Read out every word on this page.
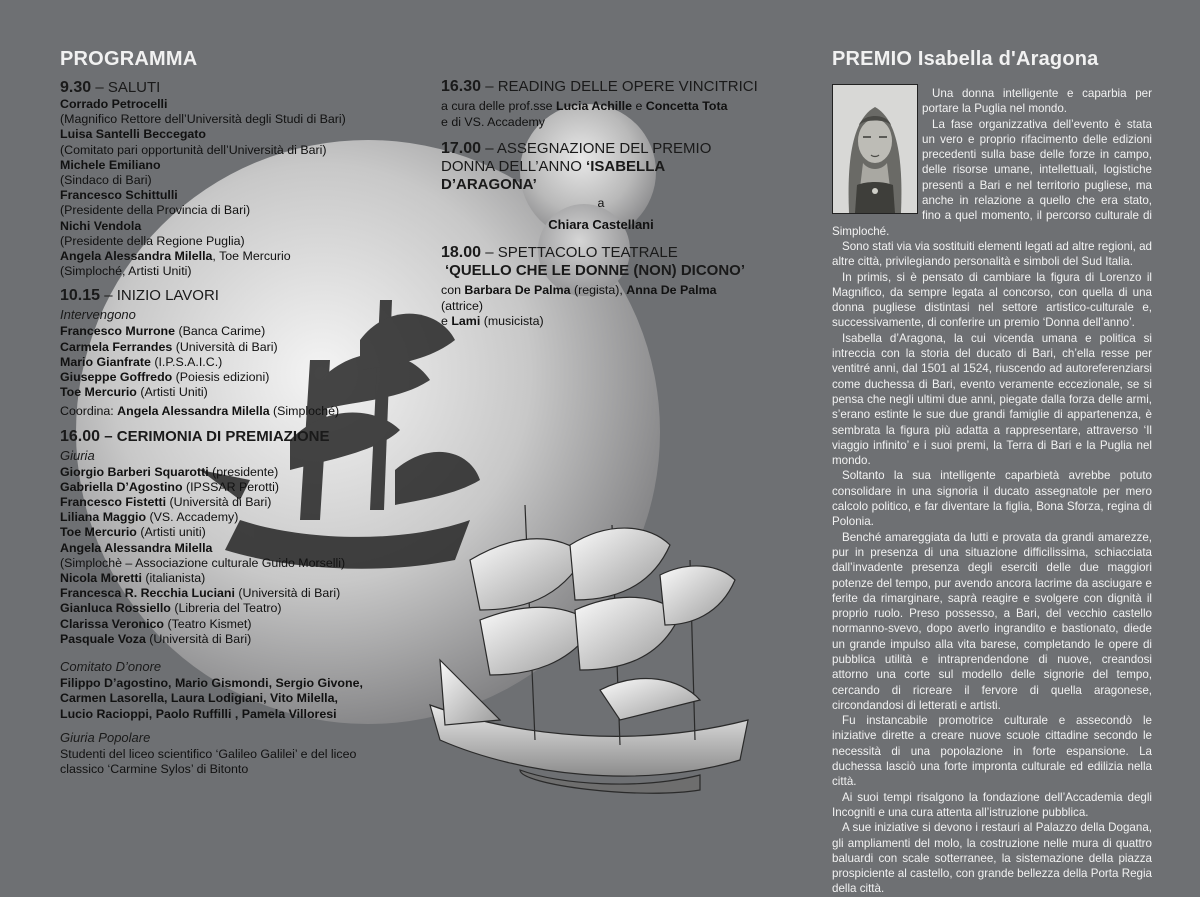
PROGRAMMA
9.30 – SALUTI
Corrado Petrocelli
(Magnifico Rettore dell’Università degli Studi di Bari)
Luisa Santelli Beccegato
(Comitato pari opportunità dell’Università di Bari)
Michele Emiliano
(Sindaco di Bari)
Francesco Schittulli
(Presidente della Provincia di Bari)
Nichi Vendola
(Presidente della Regione Puglia)
Angela Alessandra Milella, Toe Mercurio
(Simploché, Artisti Uniti)
10.15 – INIZIO LAVORI
Intervengono
Francesco Murrone (Banca Carime)
Carmela Ferrandes (Università di Bari)
Mario Gianfrate (I.P.S.A.I.C.)
Giuseppe Goffredo (Poiesis edizioni)
Toe Mercurio (Artisti Uniti)
Coordina: Angela Alessandra Milella (Simploché)
16.00 – CERIMONIA DI PREMIAZIONE
Giuria
Giorgio Barberi Squarotti (presidente)
Gabriella D’Agostino (IPSSAR Perotti)
Francesco Fistetti (Università di Bari)
Liliana Maggio (VS. Accademy)
Toe Mercurio (Artisti uniti)
Angela Alessandra Milella
(Simplochè – Associazione culturale Guido Morselli)
Nicola Moretti (italianista)
Francesca R. Recchia Luciani (Università di Bari)
Gianluca Rossiello (Libreria del Teatro)
Clarissa Veronico (Teatro Kismet)
Pasquale Voza (Università di Bari)
Comitato D’onore
Filippo D’agostino, Mario Gismondi, Sergio Givone,
Carmen Lasorella, Laura Lodigiani, Vito Milella,
Lucio Racioppi, Paolo Ruffilli , Pamela Villoresi
Giuria Popolare
Studenti del liceo scientifico ‘Galileo Galilei’ e del liceo
classico ‘Carmine Sylos’ di Bitonto
16.30 – READING DELLE OPERE VINCITRICI
a cura delle prof.sse Lucia Achille e Concetta Tota
e di VS. Accademy
17.00 – ASSEGNAZIONE DEL PREMIO
DONNA DELL’ANNO ‘ISABELLA D’ARAGONA’
a
Chiara Castellani
18.00 – SPETTACOLO TEATRALE
‘QUELLO CHE LE DONNE (NON) DICONO’
con Barbara De Palma (regista), Anna De Palma (attrice)
e Lami (musicista)
PREMIO Isabella d'Aragona

Una donna intelligente e caparbia per portare la Puglia nel mondo.

La fase organizzativa dell’evento è stata un vero e proprio rifacimento delle edizioni precedenti sulla base delle forze in campo, delle risorse umane, intellettuali, logistiche presenti a Bari e nel territorio pugliese, ma anche in relazione a quello che era stato, fino a quel momento, il percorso culturale di Simploché.

Sono stati via via sostituiti elementi legati ad altre regioni, ad altre città, privilegiando personalità e simboli del Sud Italia.

In primis, si è pensato di cambiare la figura di Lorenzo il Magnifico, da sempre legata al concorso, con quella di una donna pugliese distintasi nel settore artistico-culturale e, successivamente, di conferire un premio ‘Donna dell’anno’.

Isabella d’Aragona, la cui vicenda umana e politica si intreccia con la storia del ducato di Bari, ch’ella resse per ventitré anni, dal 1501 al 1524, riuscendo ad autoreferenziarsi come duchessa di Bari, evento veramente eccezionale, se si pensa che negli ultimi due anni, piegate dalla forza delle armi, s’erano estinte le sue due grandi famiglie di appartenenza, è sembrata la figura più adatta a rappresentare, attraverso ‘Il viaggio infinito’ e i suoi premi, la Terra di Bari e la Puglia nel mondo.

Soltanto la sua intelligente caparbietà avrebbe potuto consolidare in una signoria il ducato assegnatole per mero calcolo politico, e far diventare la figlia, Bona Sforza, regina di Polonia.

Benché amareggiata da lutti e provata da grandi amarezze, pur in presenza di una situazione difficilissima, schiacciata dall’invadente presenza degli eserciti delle due maggiori potenze del tempo, pur avendo ancora lacrime da asciugare e ferite da rimarginare, saprà reagire e svolgere con dignità il proprio ruolo. Preso possesso, a Bari, del vecchio castello normanno-svevo, dopo averlo ingrandito e bastionato, diede un grande impulso alla vita barese, completando le opere di pubblica utilità e intraprendendone di nuove, creandosi attorno una corte sul modello delle signorie del tempo, cercando di ricreare il fervore di quella aragonese, circondandosi di letterati e artisti.

Fu instancabile promotrice culturale e assecondò le iniziative dirette a creare nuove scuole cittadine secondo le necessità di una popolazione in forte espansione. La duchessa lasciò una forte impronta culturale ed edilizia nella città.

Ai suoi tempi risalgono la fondazione dell’Accademia degli Incogniti e una cura attenta all’istruzione pubblica.

A sue iniziative si devono i restauri al Palazzo della Dogana, gli ampliamenti del molo, la costruzione nelle mura di quattro baluardi con scale sotterranee, la sistemazione della piazza prospiciente al castello, con grande bellezza della Porta Regia della città.
